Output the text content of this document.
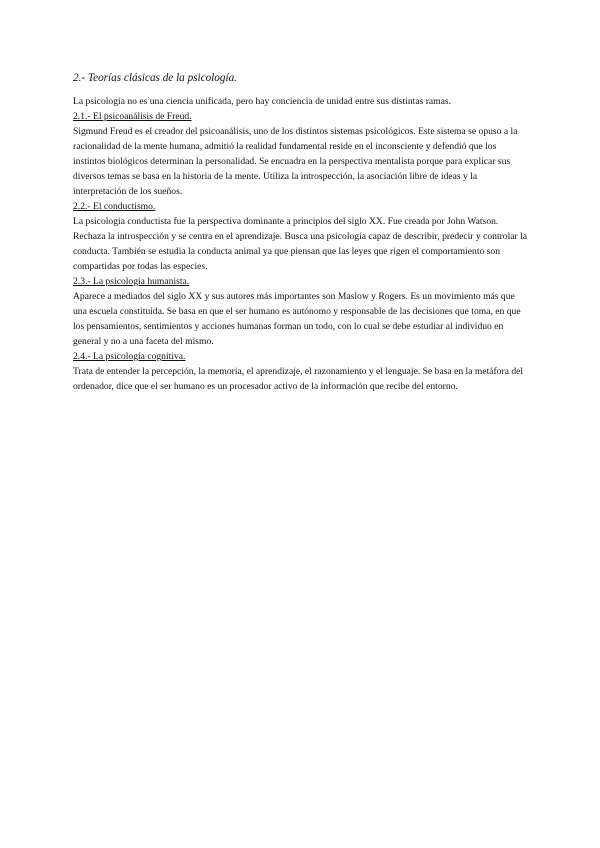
2.- Teorías clásicas de la psicología.

La psicología no es una ciencia unificada, pero hay conciencia de unidad entre sus distintas ramas.

2.1.- El psicoanálisis de Freud.

Sigmund Freud es el creador del psicoanálisis, uno de los distintos sistemas psicológicos. Este sistema se opuso a la racionalidad de la mente humana, admitió la realidad fundamental reside en el inconsciente y defendió que los instintos biológicos determinan la personalidad. Se encuadra en la perspectiva mentalista porque para explicar sus diversos temas se basa en la historia de la mente. Utiliza la introspección, la asociación libre de ideas y la interpretación de los sueños.

2.2.- El conductismo.

La psicología conductista fue la perspectiva dominante a principios del siglo XX. Fue creada por John Watson. Rechaza la introspección y se centra en el aprendizaje. Busca una psicología capaz de describir, predecir y controlar la conducta. También se estudia la conducta animal ya que piensan que las leyes que rigen el comportamiento son compartidas por todas las especies.

2.3.- La psicología humanista.

Aparece a mediados del siglo XX y sus autores más importantes son Maslow y Rogers. Es un movimiento más que una escuela constituida. Se basa en que el ser humano es autónomo y responsable de las decisiones que toma, en que los pensamientos, sentimientos y acciones humanas forman un todo, con lo cual se debe estudiar al individuo en general y no a una faceta del mismo.

2.4.- La psicología cognitiva.

Trata de entender la percepción, la memoria, el aprendizaje, el razonamiento y el lenguaje. Se basa en la metáfora del ordenador, dice que el ser humano es un procesador activo de la información que recibe del entorno.
